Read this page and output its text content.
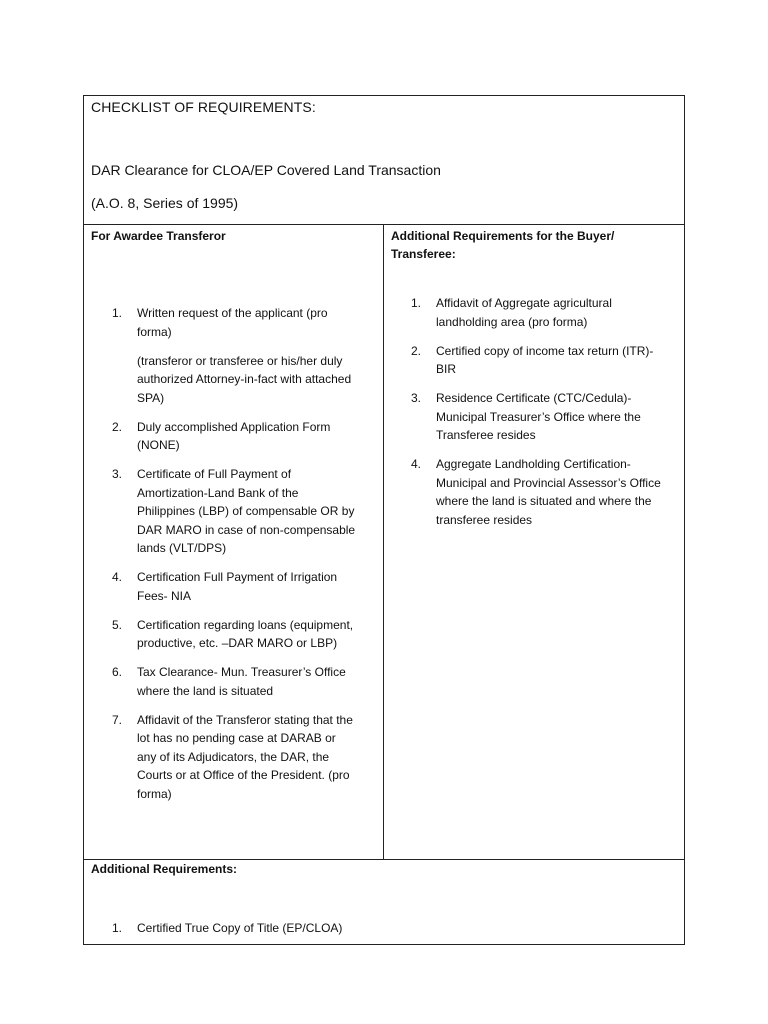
CHECKLIST OF REQUIREMENTS:
DAR Clearance for CLOA/EP Covered Land Transaction
(A.O. 8, Series of 1995)
For Awardee Transferor
1. Written request of the applicant (pro forma)
(transferor or transferee or his/her duly authorized Attorney-in-fact with attached SPA)
2. Duly accomplished Application Form (NONE)
3. Certificate of Full Payment of Amortization-Land Bank of the Philippines (LBP) of compensable OR by DAR MARO in case of non-compensable lands (VLT/DPS)
4. Certification Full Payment of Irrigation Fees- NIA
5. Certification regarding loans (equipment, productive, etc. –DAR MARO or LBP)
6. Tax Clearance- Mun. Treasurer’s Office where the land is situated
7. Affidavit of the Transferor stating that the lot has no pending case at DARAB or any of its Adjudicators, the DAR, the Courts or at Office of the President. (pro forma)
Additional Requirements for the Buyer/ Transferee:
1. Affidavit of Aggregate agricultural landholding area (pro forma)
2. Certified copy of income tax return (ITR)-BIR
3. Residence Certificate (CTC/Cedula)- Municipal Treasurer’s Office where the Transferee resides
4. Aggregate Landholding Certification- Municipal and Provincial Assessor’s Office where the land is situated and where the transferee resides
Additional Requirements:
1. Certified True Copy of Title (EP/CLOA)
